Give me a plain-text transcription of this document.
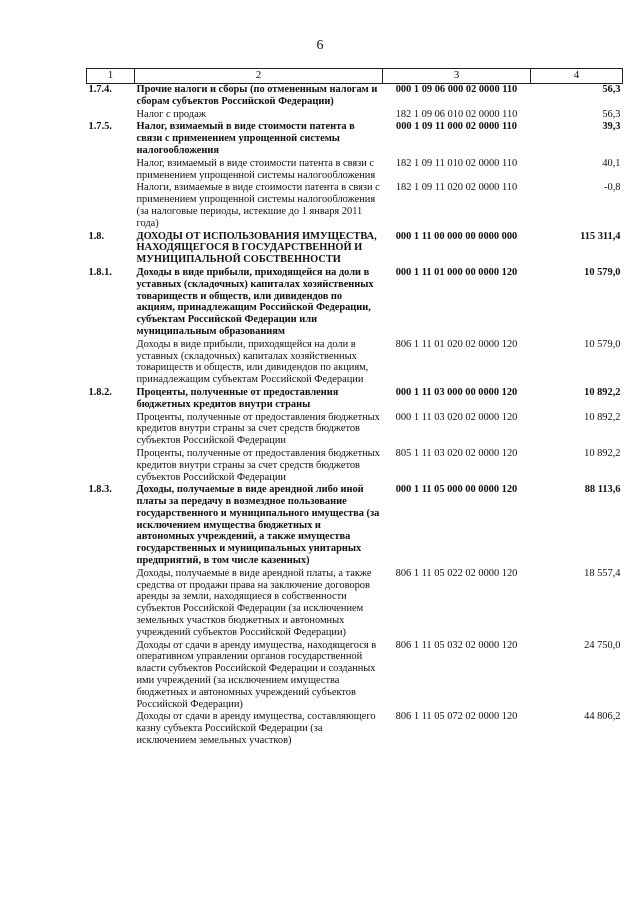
6
1	2	3	4
1.7.4.	Прочие налоги и сборы (по отмененным налогам и сборам субъектов Российской Федерации)	000 1 09 06 000 02 0000 110	56,3
	Налог с продаж	182 1 09 06 010 02 0000 110	56,3
1.7.5.	Налог, взимаемый в виде стоимости патента в связи с применением упрощенной системы налогообложения	000 1 09 11 000 02 0000 110	39,3
	Налог, взимаемый в виде стоимости патента в связи с применением упрощенной системы налогообложения	182 1 09 11 010 02 0000 110	40,1
	Налоги, взимаемые в виде стоимости патента в связи с применением упрощенной системы налогообложения (за налоговые периоды, истекшие до 1 января 2011 года)	182 1 09 11 020 02 0000 110	-0,8
1.8.	ДОХОДЫ ОТ ИСПОЛЬЗОВАНИЯ ИМУЩЕСТВА, НАХОДЯЩЕГОСЯ В ГОСУДАРСТВЕННОЙ И МУНИЦИПАЛЬНОЙ СОБСТВЕННОСТИ	000 1 11 00 000 00 0000 000	115 311,4
1.8.1.	Доходы в виде прибыли, приходящейся на доли в уставных (складочных) капиталах хозяйственных товариществ и обществ, или дивидендов по акциям, принадлежащим Российской Федерации, субъектам Российской Федерации или муниципальным образованиям	000 1 11 01 000 00 0000 120	10 579,0
	Доходы в виде прибыли, приходящейся на доли в уставных (складочных) капиталах хозяйственных товариществ и обществ, или дивидендов по акциям, принадлежащим субъектам Российской Федерации	806 1 11 01 020 02 0000 120	10 579,0
1.8.2.	Проценты, полученные от предоставления бюджетных кредитов внутри страны	000 1 11 03 000 00 0000 120	10 892,2
	Проценты, полученные от предоставления бюджетных кредитов внутри страны за счет средств бюджетов субъектов Российской Федерации	000 1 11 03 020 02 0000 120	10 892,2
	Проценты, полученные от предоставления бюджетных кредитов внутри страны за счет средств бюджетов субъектов Российской Федерации	805 1 11 03 020 02 0000 120	10 892,2
1.8.3.	Доходы, получаемые в виде арендной либо иной платы за передачу в возмездное пользование государственного и муниципального имущества (за исключением имущества бюджетных и автономных учреждений, а также имущества государственных и муниципальных унитарных предприятий, в том числе казенных)	000 1 11 05 000 00 0000 120	88 113,6
	Доходы, получаемые в виде арендной платы, а также средства от продажи права на заключение договоров аренды за земли, находящиеся в собственности субъектов Российской Федерации (за исключением земельных участков бюджетных и автономных учреждений субъектов Российской Федерации)	806 1 11 05 022 02 0000 120	18 557,4
	Доходы от сдачи в аренду имущества, находящегося в оперативном управлении органов государственной власти субъектов Российской Федерации и созданных ими учреждений (за исключением имущества бюджетных и автономных учреждений субъектов Российской Федерации)	806 1 11 05 032 02 0000 120	24 750,0
	Доходы от сдачи в аренду имущества, составляющего казну субъекта Российской Федерации (за исключением земельных участков)	806 1 11 05 072 02 0000 120	44 806,2
